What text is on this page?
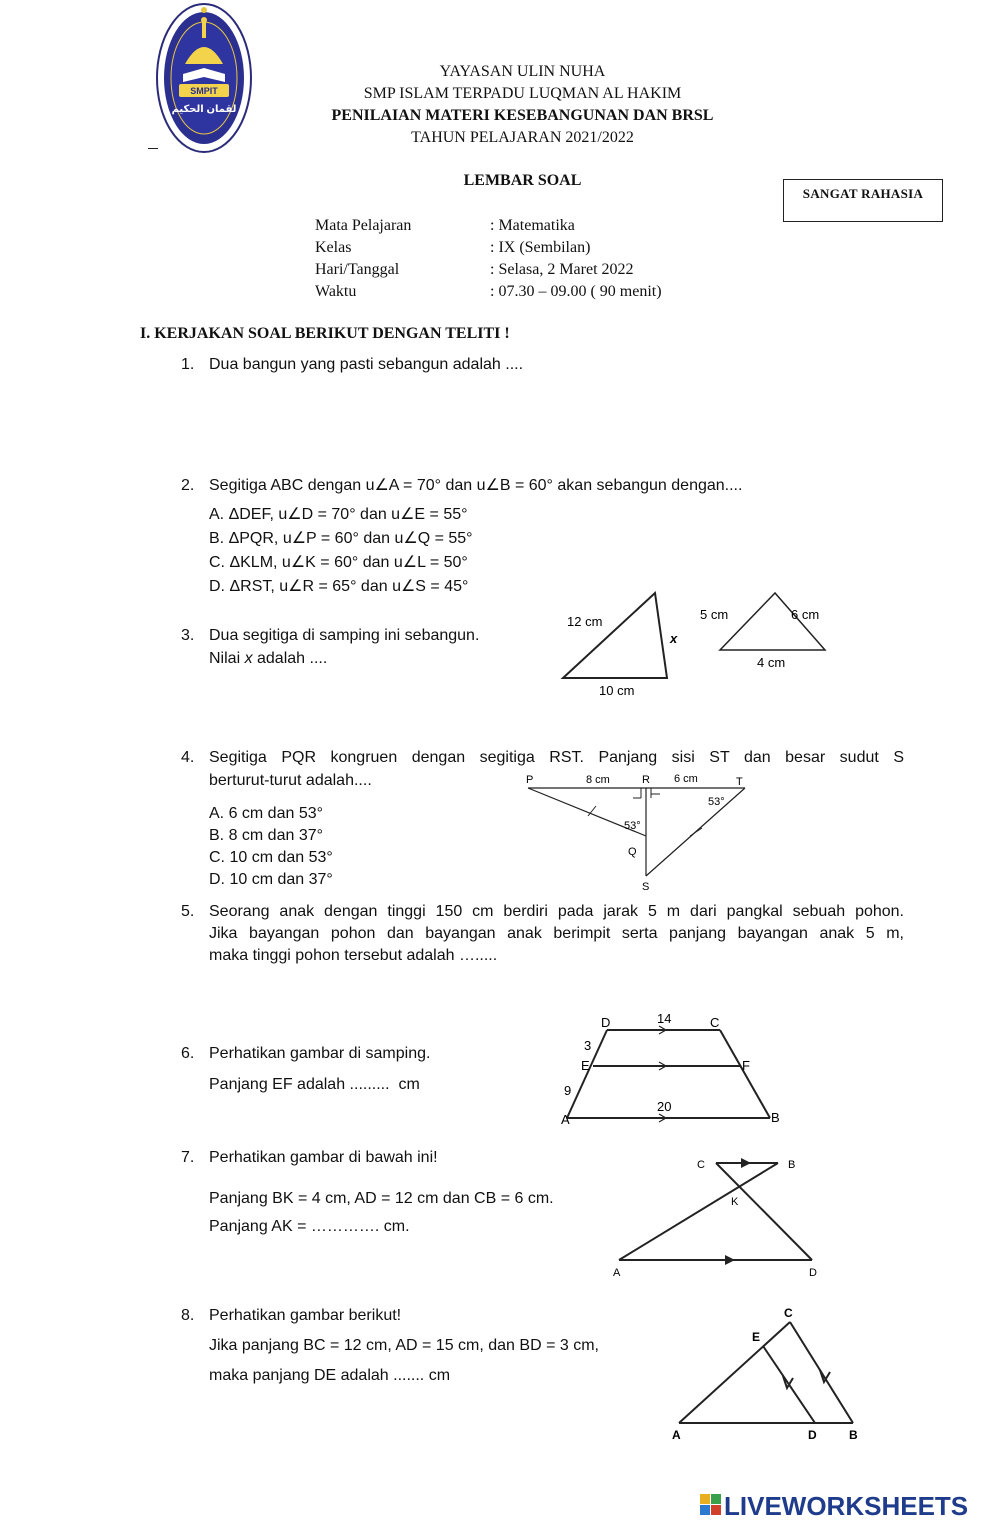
SMPIT
لقمان الحكيم
YAYASAN ULIN NUHA
SMP ISLAM TERPADU LUQMAN AL HAKIM
PENILAIAN MATERI KESEBANGUNAN DAN BRSL
TAHUN PELAJARAN 2021/2022
LEMBAR SOAL
SANGAT RAHASIA
Mata Pelajaran	: Matematika
Kelas	: IX (Sembilan)
Hari/Tanggal	: Selasa, 2 Maret 2022
Waktu	: 07.30 – 09.00 ( 90 menit)
I. KERJAKAN SOAL BERIKUT DENGAN TELITI !
1. Dua bangun yang pasti sebangun adalah ....
2. Segitiga ABC dengan u∠A = 70° dan u∠B = 60° akan sebangun dengan....
A. ΔDEF, u∠D = 70° dan u∠E = 55°
B. ΔPQR, u∠P = 60° dan u∠Q = 55°
C. ΔKLM, u∠K = 60° dan u∠L = 50°
D. ΔRST, u∠R = 65° dan u∠S = 45°
3. Dua segitiga di samping ini sebangun.
Nilai x adalah ....
12 cm
10 cm
x
5 cm	6 cm
4 cm
4. Segitiga PQR kongruen dengan segitiga RST. Panjang sisi ST dan besar sudut S
berturut-turut adalah....
A. 6 cm dan 53°
B. 8 cm dan 37°
C. 10 cm dan 53°
D. 10 cm dan 37°
P	8 cm	R 6 cm	T
53°
53°
Q
S
5. Seorang anak dengan tinggi 150 cm berdiri pada jarak 5 m dari pangkal sebuah pohon.
Jika bayangan pohon dan bayangan anak berimpit serta panjang bayangan anak 5 m,
maka tinggi pohon tersebut adalah ….....
6. Perhatikan gambar di samping.
Panjang EF adalah .........  cm
D	14	C
3
E	F
9
20
A	B
7. Perhatikan gambar di bawah ini!
Panjang BK = 4 cm, AD = 12 cm dan CB = 6 cm.
Panjang AK = …………. cm.
C	B
K
A	D
8. Perhatikan gambar berikut!
Jika panjang BC = 12 cm, AD = 15 cm, dan BD = 3 cm,
maka panjang DE adalah ....... cm
C
E
A	D	B
LIVEWORKSHEETS
